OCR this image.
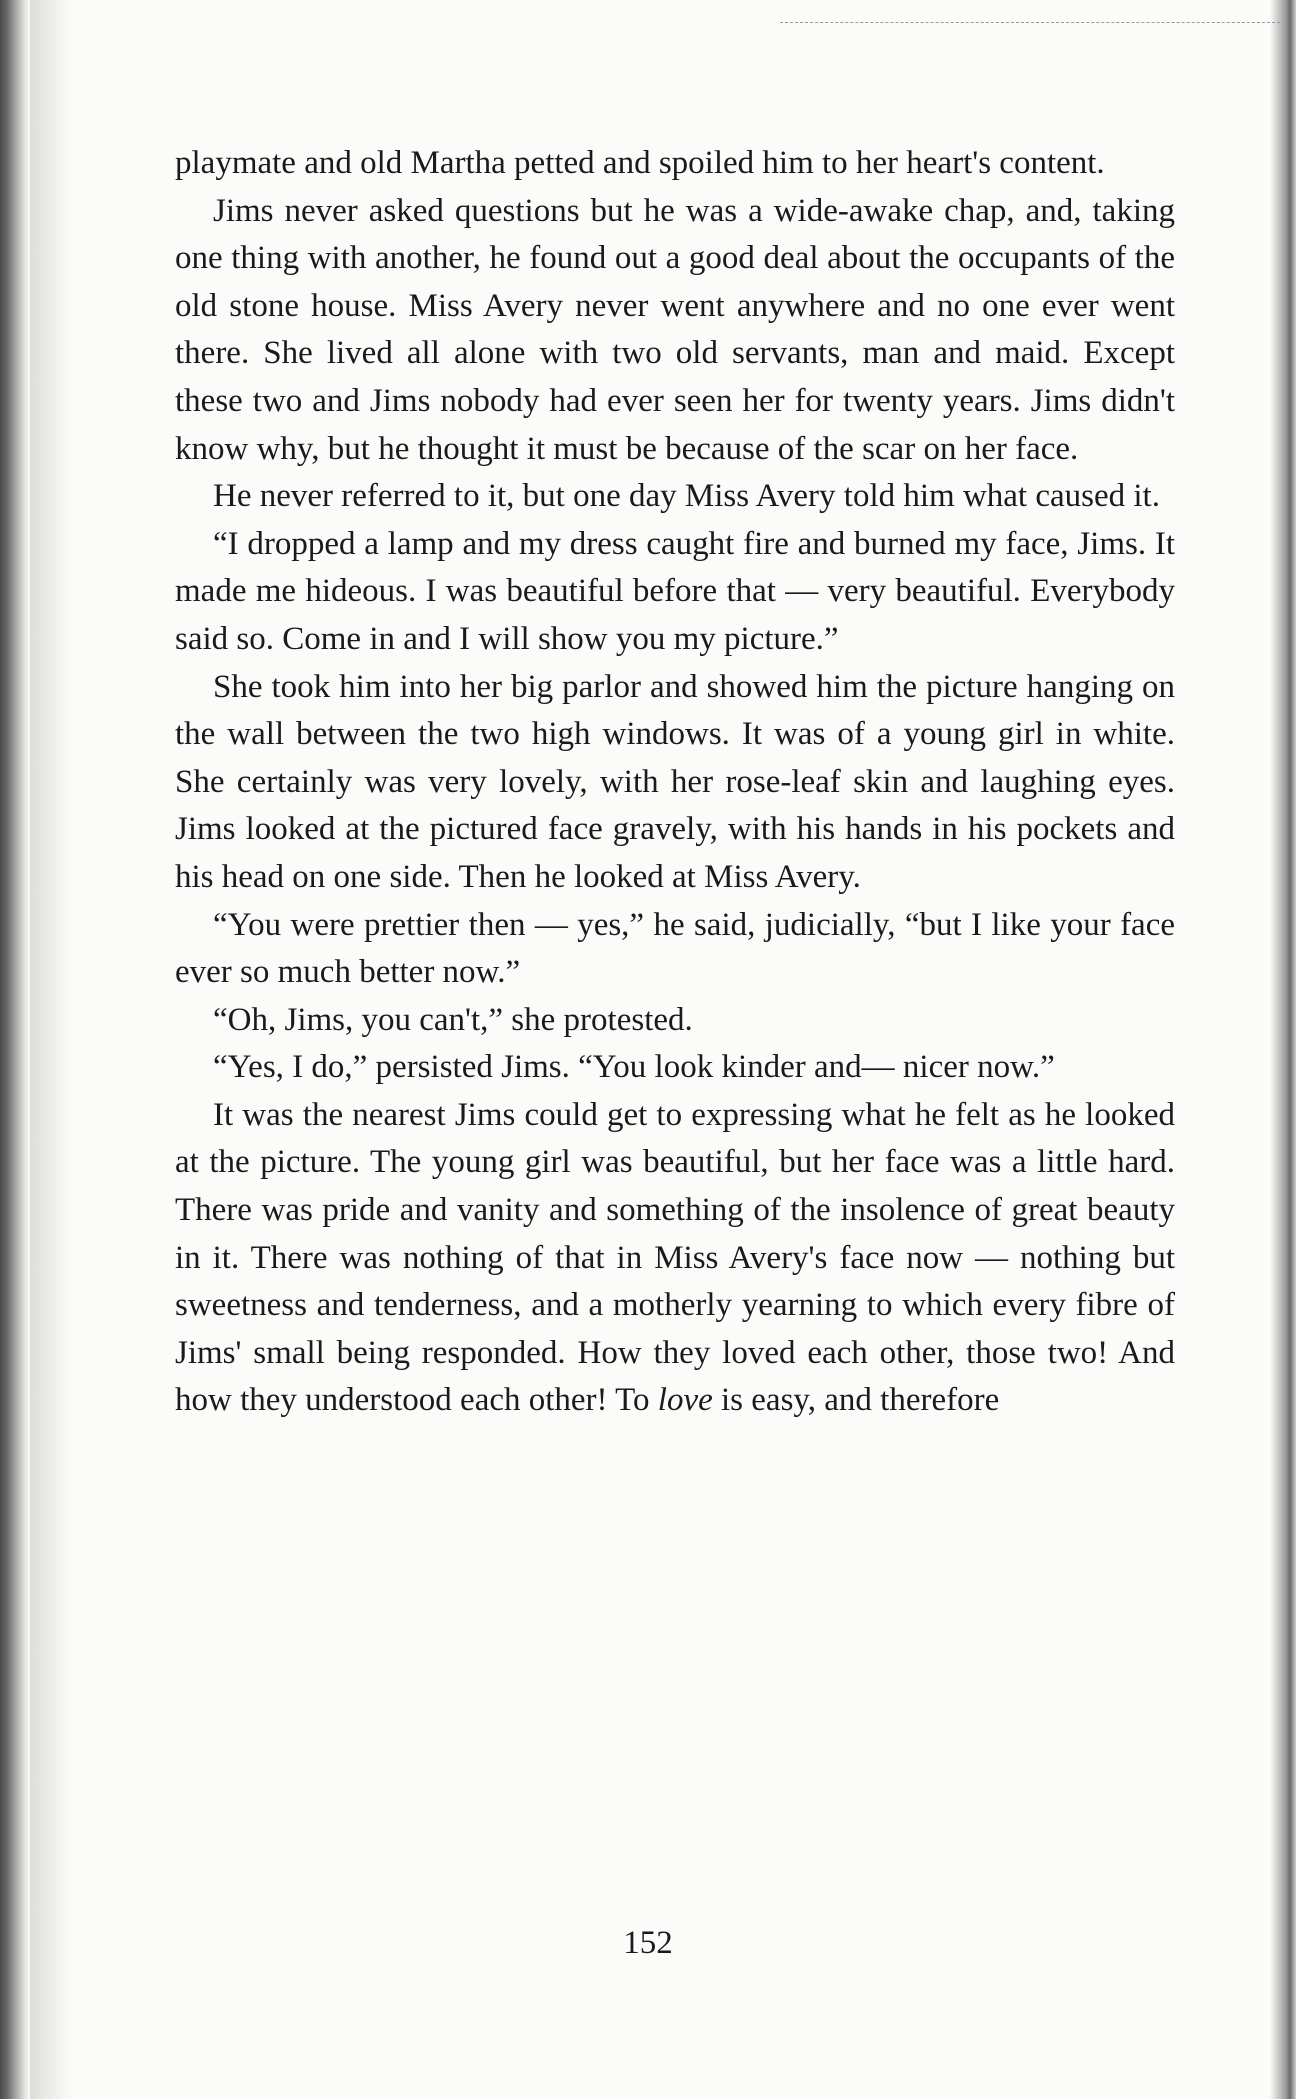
playmate and old Martha petted and spoiled him to her heart's content.

Jims never asked questions but he was a wide-awake chap, and, taking one thing with another, he found out a good deal about the occupants of the old stone house. Miss Avery never went anywhere and no one ever went there. She lived all alone with two old servants, man and maid. Except these two and Jims nobody had ever seen her for twenty years. Jims didn't know why, but he thought it must be because of the scar on her face.

He never referred to it, but one day Miss Avery told him what caused it.

“I dropped a lamp and my dress caught fire and burned my face, Jims. It made me hideous. I was beautiful before that — very beautiful. Everybody said so. Come in and I will show you my picture.”

She took him into her big parlor and showed him the picture hanging on the wall between the two high windows. It was of a young girl in white. She certainly was very lovely, with her rose-leaf skin and laughing eyes. Jims looked at the pictured face gravely, with his hands in his pockets and his head on one side. Then he looked at Miss Avery.

“You were prettier then — yes,” he said, judicially, “but I like your face ever so much better now.”

“Oh, Jims, you can't,” she protested.

“Yes, I do,” persisted Jims. “You look kinder and— nicer now.”

It was the nearest Jims could get to expressing what he felt as he looked at the picture. The young girl was beautiful, but her face was a little hard. There was pride and vanity and something of the insolence of great beauty in it. There was nothing of that in Miss Avery's face now — nothing but sweetness and tenderness, and a motherly yearning to which every fibre of Jims' small being responded. How they loved each other, those two! And how they understood each other! To love is easy, and therefore

152
